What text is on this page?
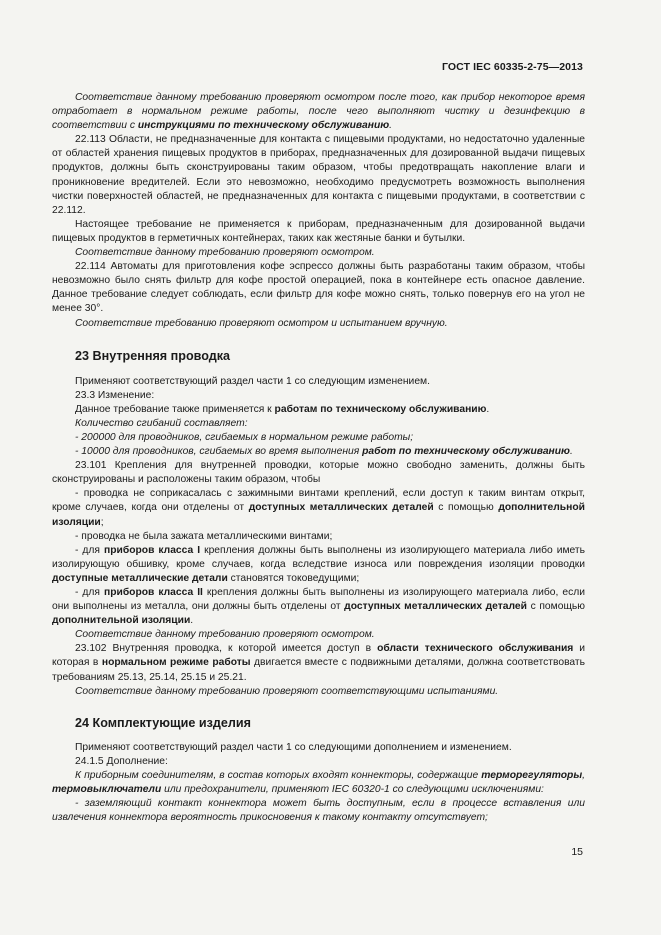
ГОСТ IEC 60335-2-75—2013

Соответствие данному требованию проверяют осмотром после того, как прибор некоторое время отработает в нормальном режиме работы, после чего выполняют чистку и дезинфекцию в соответствии с инструкциями по техническому обслуживанию.

22.113 Области, не предназначенные для контакта с пищевыми продуктами, но недостаточно удаленные от областей хранения пищевых продуктов в приборах, предназначенных для дозированной выдачи пищевых продуктов, должны быть сконструированы таким образом, чтобы предотвращать накопление влаги и проникновение вредителей. Если это невозможно, необходимо предусмотреть возможность выполнения чистки поверхностей областей, не предназначенных для контакта с пищевыми продуктами, в соответствии с 22.112.

Настоящее требование не применяется к приборам, предназначенным для дозированной выдачи пищевых продуктов в герметичных контейнерах, таких как жестяные банки и бутылки.

Соответствие данному требованию проверяют осмотром.

22.114 Автоматы для приготовления кофе эспрессо должны быть разработаны таким образом, чтобы невозможно было снять фильтр для кофе простой операцией, пока в контейнере есть опасное давление. Данное требование следует соблюдать, если фильтр для кофе можно снять, только повернув его на угол не менее 30°.

Соответствие требованию проверяют осмотром и испытанием вручную.

23 Внутренняя проводка

Применяют соответствующий раздел части 1 со следующим изменением.

23.3 Изменение:

Данное требование также применяется к работам по техническому обслуживанию.

Количество сгибаний составляет:

- 200000 для проводников, сгибаемых в нормальном режиме работы;

- 10000 для проводников, сгибаемых во время выполнения работ по техническому обслуживанию.

23.101 Крепления для внутренней проводки, которые можно свободно заменить, должны быть сконструированы и расположены таким образом, чтобы

- проводка не соприкасалась с зажимными винтами креплений, если доступ к таким винтам открыт, кроме случаев, когда они отделены от доступных металлических деталей с помощью дополнительной изоляции;

- проводка не была зажата металлическими винтами;

- для приборов класса I крепления должны быть выполнены из изолирующего материала либо иметь изолирующую обшивку, кроме случаев, когда вследствие износа или повреждения изоляции проводки доступные металлические детали становятся токоведущими;

- для приборов класса II крепления должны быть выполнены из изолирующего материала либо, если они выполнены из металла, они должны быть отделены от доступных металлических деталей с помощью дополнительной изоляции.

Соответствие данному требованию проверяют осмотром.

23.102 Внутренняя проводка, к которой имеется доступ в области технического обслуживания и которая в нормальном режиме работы двигается вместе с подвижными деталями, должна соответствовать требованиям 25.13, 25.14, 25.15 и 25.21.

Соответствие данному требованию проверяют соответствующими испытаниями.

24 Комплектующие изделия

Применяют соответствующий раздел части 1 со следующими дополнением и изменением.

24.1.5 Дополнение:

К приборным соединителям, в состав которых входят коннекторы, содержащие терморегуляторы, термовыключатели или предохранители, применяют IEC 60320-1 со следующими исключениями:

- заземляющий контакт коннектора может быть доступным, если в процессе вставления или извлечения коннектора вероятность прикосновения к такому контакту отсутствует;

15
